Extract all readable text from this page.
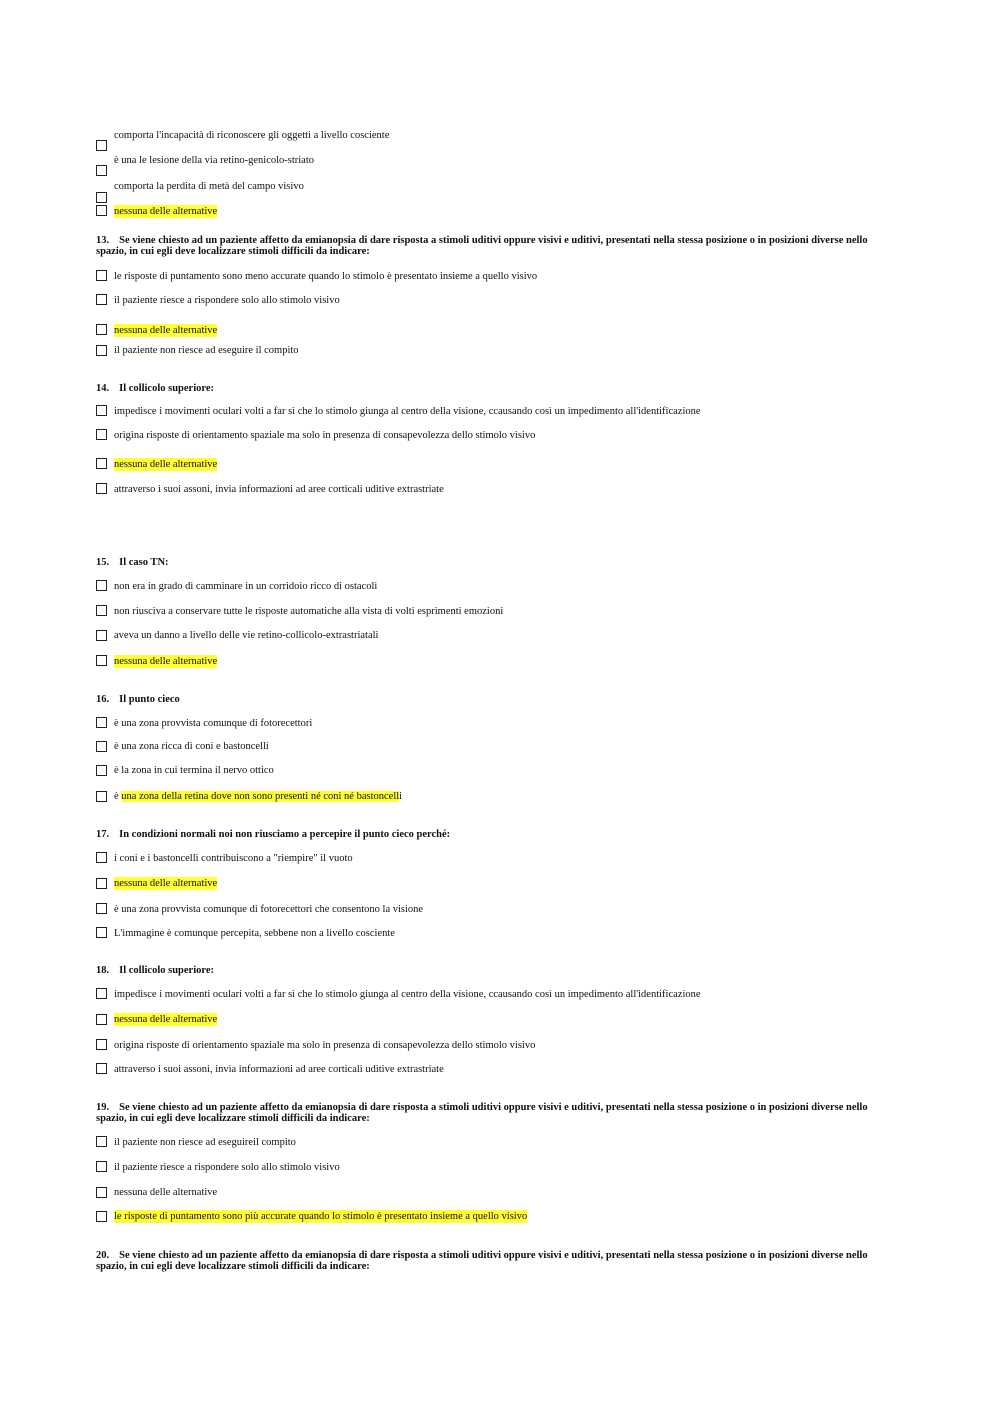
comporta l'incapacità di riconoscere gli oggetti a livello cosciente
è una le lesione della via retino-genicolo-striato
comporta la perdita di metà del campo visivo
nessuna delle alternative
13. Se viene chiesto ad un paziente affetto da emianopsia di dare risposta a stimoli uditivi oppure visivi e uditivi, presentati nella stessa posizione o in posizioni diverse nello spazio, in cui egli deve localizzare stimoli difficili da indicare:
le risposte di puntamento sono meno accurate quando lo stimolo è presentato insieme a quello visivo
il paziente riesce a rispondere solo allo stimolo visivo
nessuna delle alternative
il paziente non riesce ad eseguire il compito
14. Il collicolo superiore:
impedisce i movimenti oculari volti a far sì che lo stimolo giunga al centro della visione, ccausando così un impedimento all'identificazione
origina risposte di orientamento spaziale ma solo in presenza di consapevolezza dello stimolo visivo
nessuna delle alternative
attraverso i suoi assoni, invia informazioni ad aree corticali uditive extrastriate
15. Il caso TN:
non era in grado di camminare in un corridoio ricco di ostacoli
non riusciva a conservare tutte le risposte automatiche alla vista di volti esprimenti emozioni
aveva un danno a livello delle vie retino-collicolo-extrastriatali
nessuna delle alternative
16. Il punto cieco
è una zona provvista comunque di fotorecettori
è una zona ricca di coni e bastoncelli
è la zona in cui termina il nervo ottico
è una zona della retina dove non sono presenti né coni né bastoncelli
17. In condizioni normali noi non riusciamo a percepire il punto cieco perché:
i coni e i bastoncelli contribuiscono a "riempire" il vuoto
nessuna delle alternative
è una zona provvista comunque di fotorecettori che consentono la visione
L'immagine è comunque percepita, sebbene non a livello cosciente
18. Il collicolo superiore:
impedisce i movimenti oculari volti a far sì che lo stimolo giunga al centro della visione, ccausando così un impedimento all'identificazione
nessuna delle alternative
origina risposte di orientamento spaziale ma solo in presenza di consapevolezza dello stimolo visivo
attraverso i suoi assoni, invia informazioni ad aree corticali uditive extrastriate
19. Se viene chiesto ad un paziente affetto da emianopsia di dare risposta a stimoli uditivi oppure visivi e uditivi, presentati nella stessa posizione o in posizioni diverse nello spazio, in cui egli deve localizzare stimoli difficili da indicare:
il paziente non riesce ad eseguireil compito
il paziente riesce a rispondere solo allo stimolo visivo
nessuna delle alternative
le risposte di puntamento sono più accurate quando lo stimolo è presentato insieme a quello visivo
20. Se viene chiesto ad un paziente affetto da emianopsia di dare risposta a stimoli uditivi oppure visivi e uditivi, presentati nella stessa posizione o in posizioni diverse nello spazio, in cui egli deve localizzare stimoli difficili da indicare:
